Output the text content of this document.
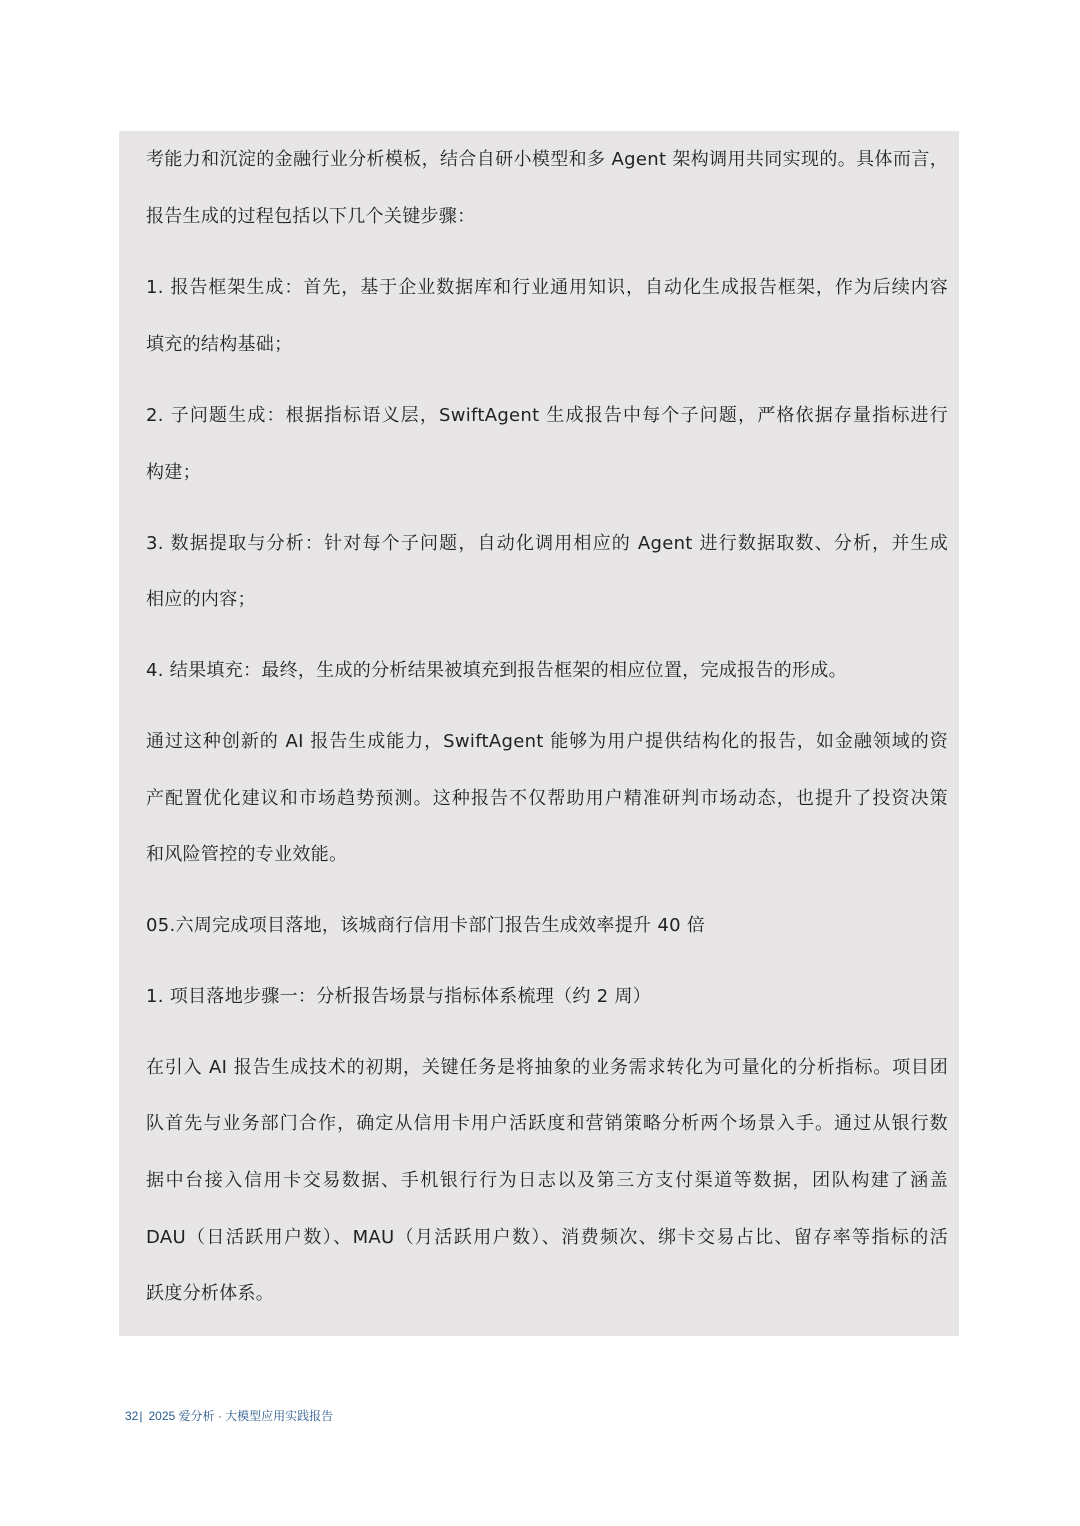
考能力和沉淀的金融行业分析模板，结合自研小模型和多 Agent 架构调用共同实现的。具体而言，
报告生成的过程包括以下几个关键步骤：
1. 报告框架生成：首先，基于企业数据库和行业通用知识，自动化生成报告框架，作为后续内容
填充的结构基础；
2. 子问题生成：根据指标语义层，SwiftAgent 生成报告中每个子问题，严格依据存量指标进行
构建；
3. 数据提取与分析：针对每个子问题，自动化调用相应的 Agent 进行数据取数、分析，并生成
相应的内容；
4. 结果填充：最终，生成的分析结果被填充到报告框架的相应位置，完成报告的形成。
通过这种创新的 AI 报告生成能力，SwiftAgent 能够为用户提供结构化的报告，如金融领域的资
产配置优化建议和市场趋势预测。这种报告不仅帮助用户精准研判市场动态，也提升了投资决策
和风险管控的专业效能。
05.六周完成项目落地，该城商行信用卡部门报告生成效率提升 40 倍
1. 项目落地步骤一：分析报告场景与指标体系梳理（约 2 周）
在引入 AI 报告生成技术的初期，关键任务是将抽象的业务需求转化为可量化的分析指标。项目团
队首先与业务部门合作，确定从信用卡用户活跃度和营销策略分析两个场景入手。通过从银行数
据中台接入信用卡交易数据、手机银行行为日志以及第三方支付渠道等数据，团队构建了涵盖
DAU（日活跃用户数）、MAU（月活跃用户数）、消费频次、绑卡交易占比、留存率等指标的活
跃度分析体系。
32| 2025 爱分析 · 大模型应用实践报告
